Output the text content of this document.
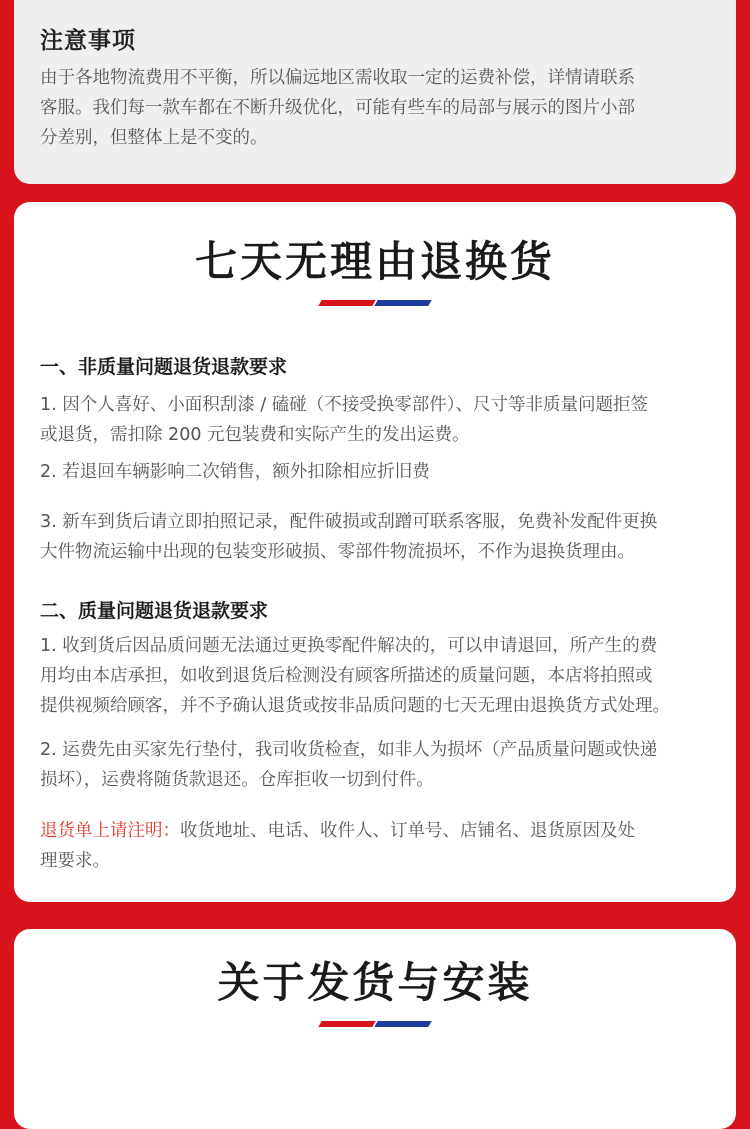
注意事项

由于各地物流费用不平衡，所以偏远地区需收取一定的运费补偿，详情请联系
客服。我们每一款车都在不断升级优化，可能有些车的局部与展示的图片小部
分差别，但整体上是不变的。

七天无理由退换货
一、非质量问题退货退款要求
1. 因个人喜好、小面积刮漆 / 磕碰（不接受换零部件）、尺寸等非质量问题拒签
或退货，需扣除 200 元包装费和实际产生的发出运费。
2. 若退回车辆影响二次销售，额外扣除相应折旧费
3. 新车到货后请立即拍照记录，配件破损或刮蹭可联系客服，免费补发配件更换
大件物流运输中出现的包装变形破损、零部件物流损坏，不作为退换货理由。
二、质量问题退货退款要求
1. 收到货后因品质问题无法通过更换零配件解决的，可以申请退回，所产生的费
用均由本店承担，如收到退货后检测没有顾客所描述的质量问题，本店将拍照或
提供视频给顾客，并不予确认退货或按非品质问题的七天无理由退换货方式处理。
2. 运费先由买家先行垫付，我司收货检查，如非人为损坏（产品质量问题或快递
损坏），运费将随货款退还。仓库拒收一切到付件。
退货单上请注明：收货地址、电话、收件人、订单号、店铺名、退货原因及处
理要求。
关于发货与安装
